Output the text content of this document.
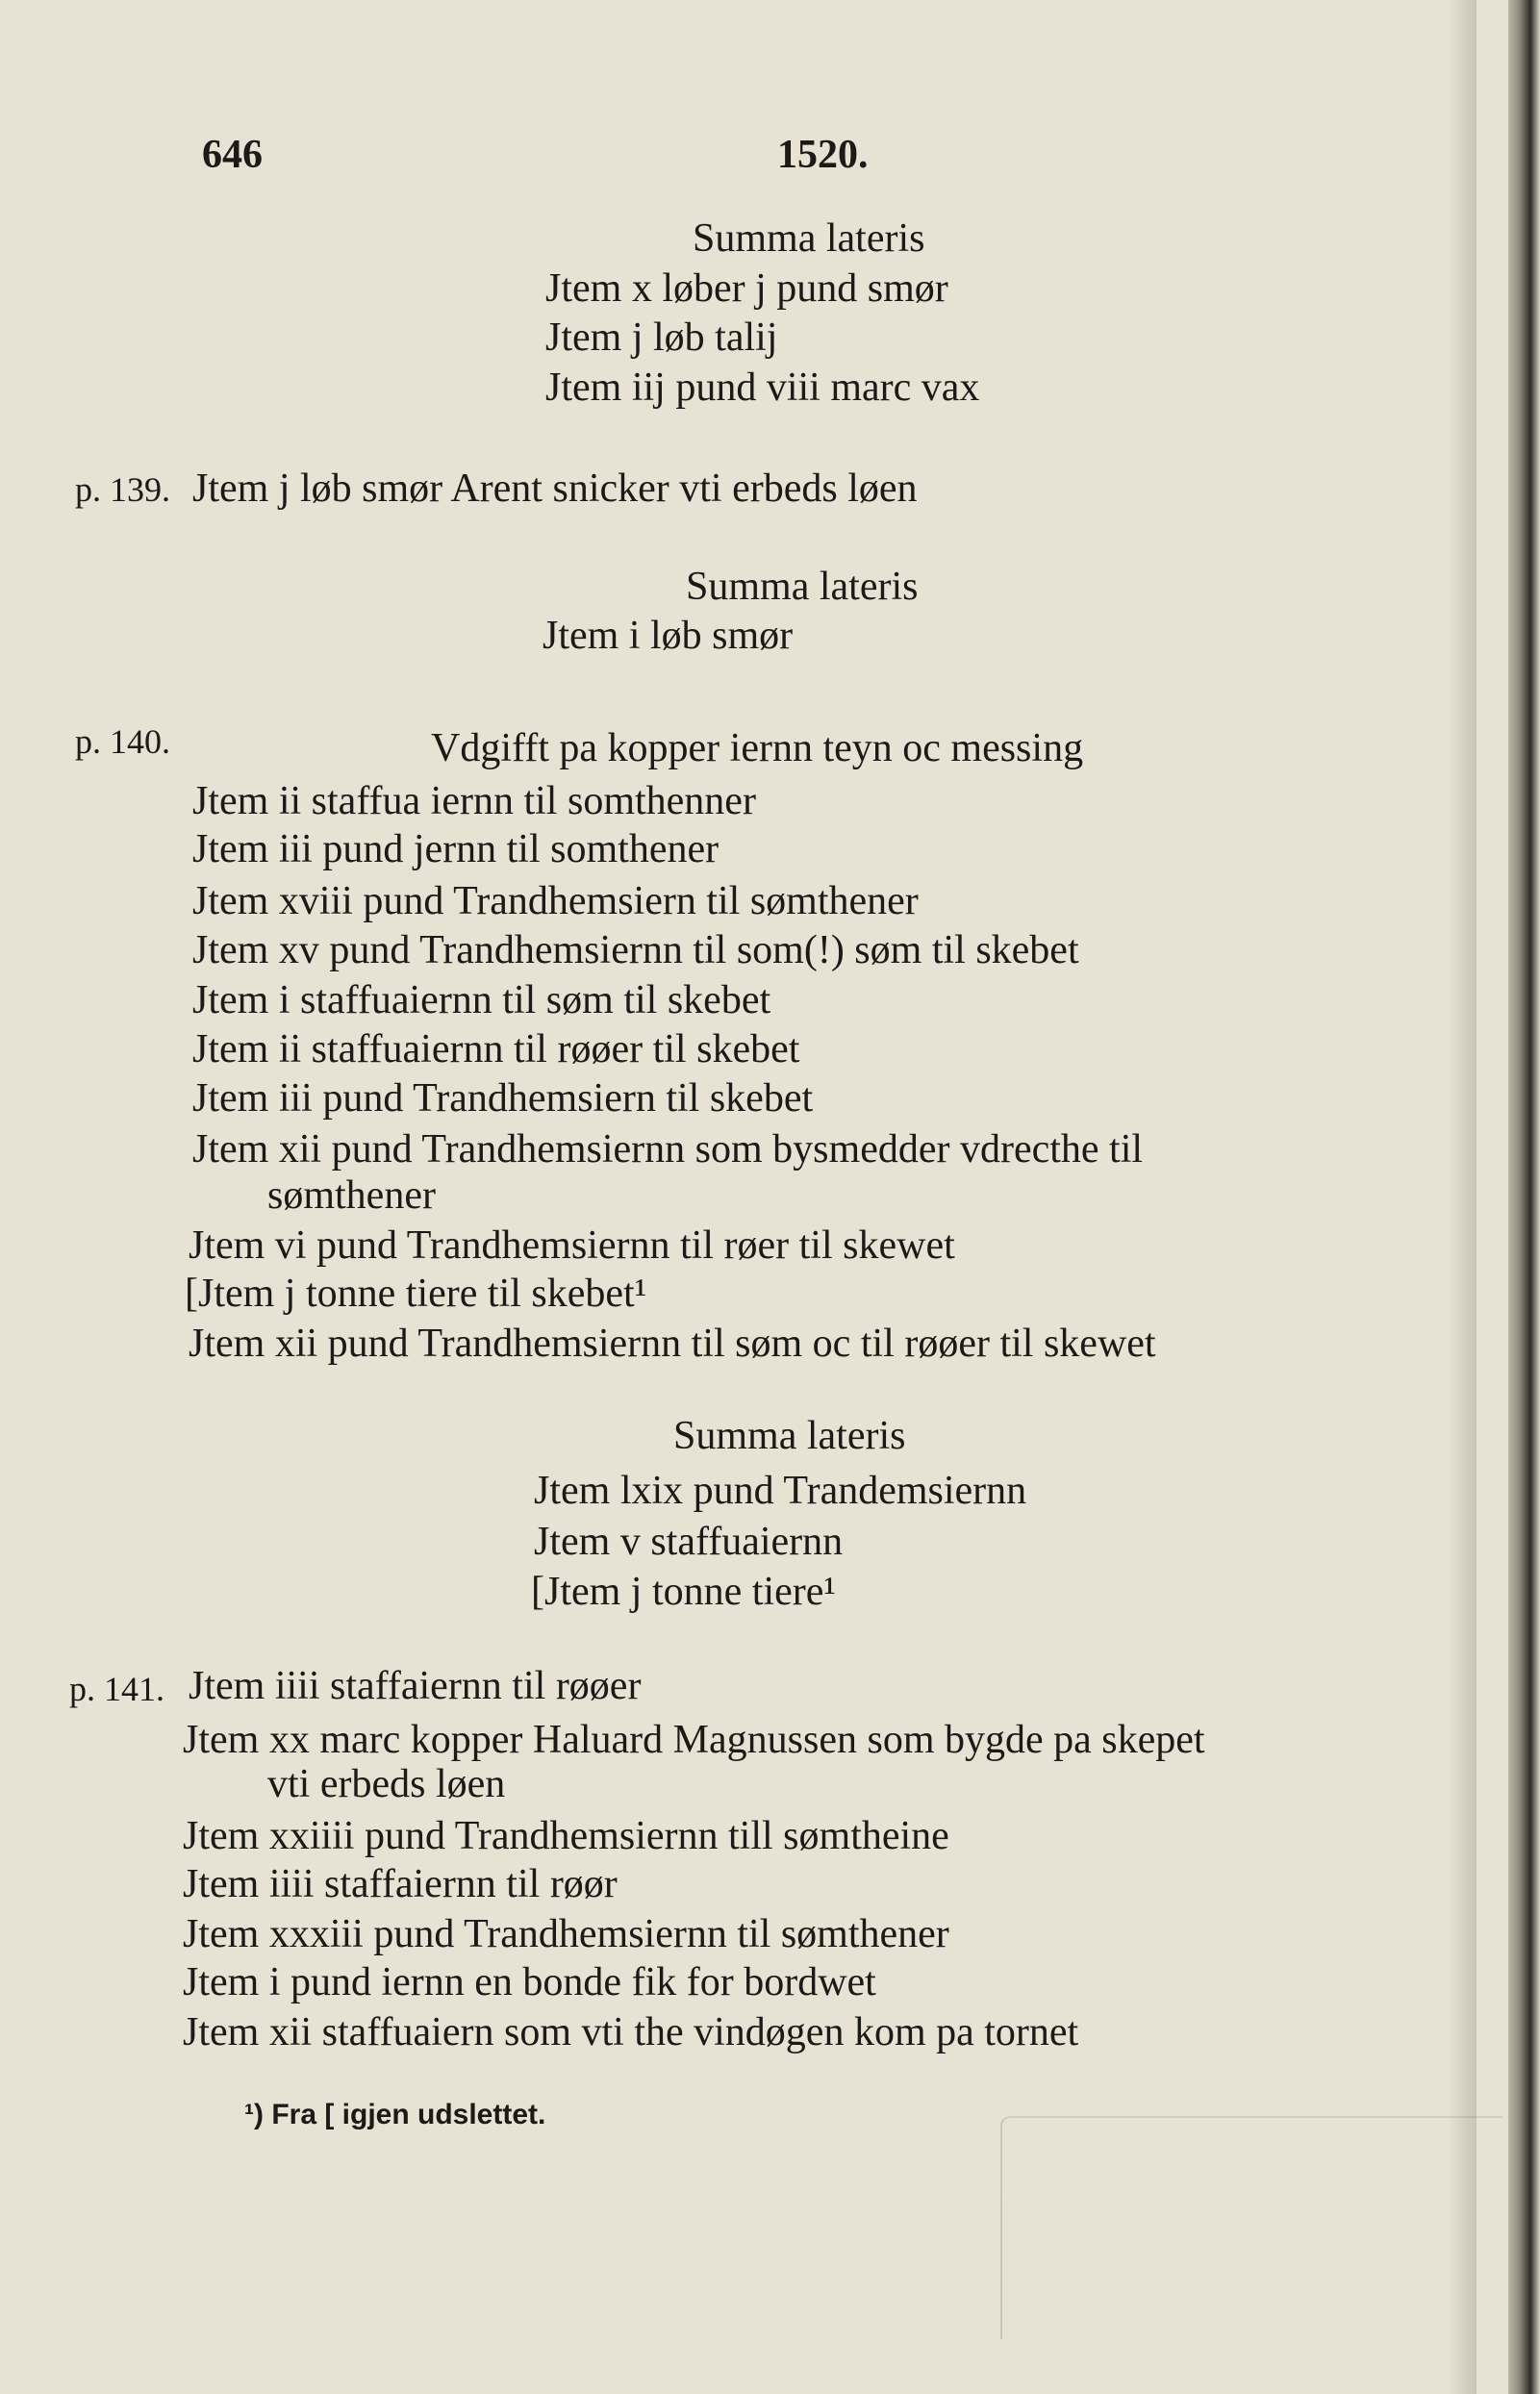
646	1520.
Summa lateris
Jtem x løber j pund smør
Jtem j løb talij
Jtem iij pund viii marc vax
p. 139. Jtem j løb smør Arent snicker vti erbeds løen
Summa lateris
Jtem i løb smør
p. 140.	Vdgifft pa kopper iernn teyn oc messing
Jtem ii staffua iernn til somthenner
Jtem iii pund jernn til somthener
Jtem xviii pund Trandhemsiern til sømthener
Jtem xv pund Trandhemsiernn til som(!) søm til skebet
Jtem i staffuaiernn til søm til skebet
Jtem ii staffuaiernn til røøer til skebet
Jtem iii pund Trandhemsiern til skebet
Jtem xii pund Trandhemsiernn som bysmedder vdrecthe til
sømthener
Jtem vi pund Trandhemsiernn til røer til skewet
[Jtem j tonne tiere til skebet¹
Jtem xii pund Trandhemsiernn til søm oc til røøer til skewet
Summa lateris
Jtem lxix pund Trandemsiernn
Jtem v staffuaiernn
[Jtem j tonne tiere¹
p. 141. Jtem iiii staffaiernn til røøer
Jtem xx marc kopper Haluard Magnussen som bygde pa skepet
vti erbeds løen
Jtem xxiiii pund Trandhemsiernn till sømtheine
Jtem iiii staffaiernn til røør
Jtem xxxiii pund Trandhemsiernn til sømthener
Jtem i pund iernn en bonde fik for bordwet
Jtem xii staffuaiern som vti the vindøgen kom pa tornet
¹) Fra [ igjen udslettet.
